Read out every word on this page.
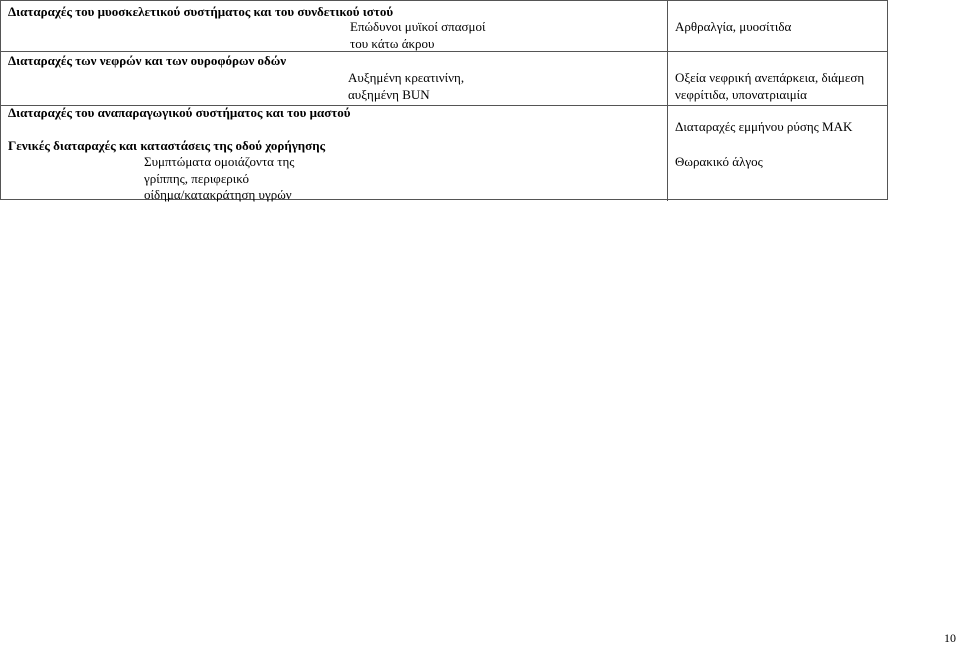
Διαταραχές του μυοσκελετικού συστήματος και του συνδετικού ιστού
Επώδυνοι μυϊκοί σπασμοί
του κάτω άκρου
Αρθραλγία, μυοσίτιδα
Διαταραχές των νεφρών και των ουροφόρων οδών
Αυξημένη κρεατινίνη,
αυξημένη BUN
Οξεία νεφρική ανεπάρκεια, διάμεση
νεφρίτιδα, υπονατριαιμία
Διαταραχές του αναπαραγωγικού συστήματος και του μαστού
Διαταραχές εμμήνου ρύσης ΜΑΚ
Γενικές διαταραχές και καταστάσεις της οδού χορήγησης
Συμπτώματα ομοιάζοντα της
γρίππης, περιφερικό
οίδημα/κατακράτηση υγρών
Θωρακικό άλγος
10
